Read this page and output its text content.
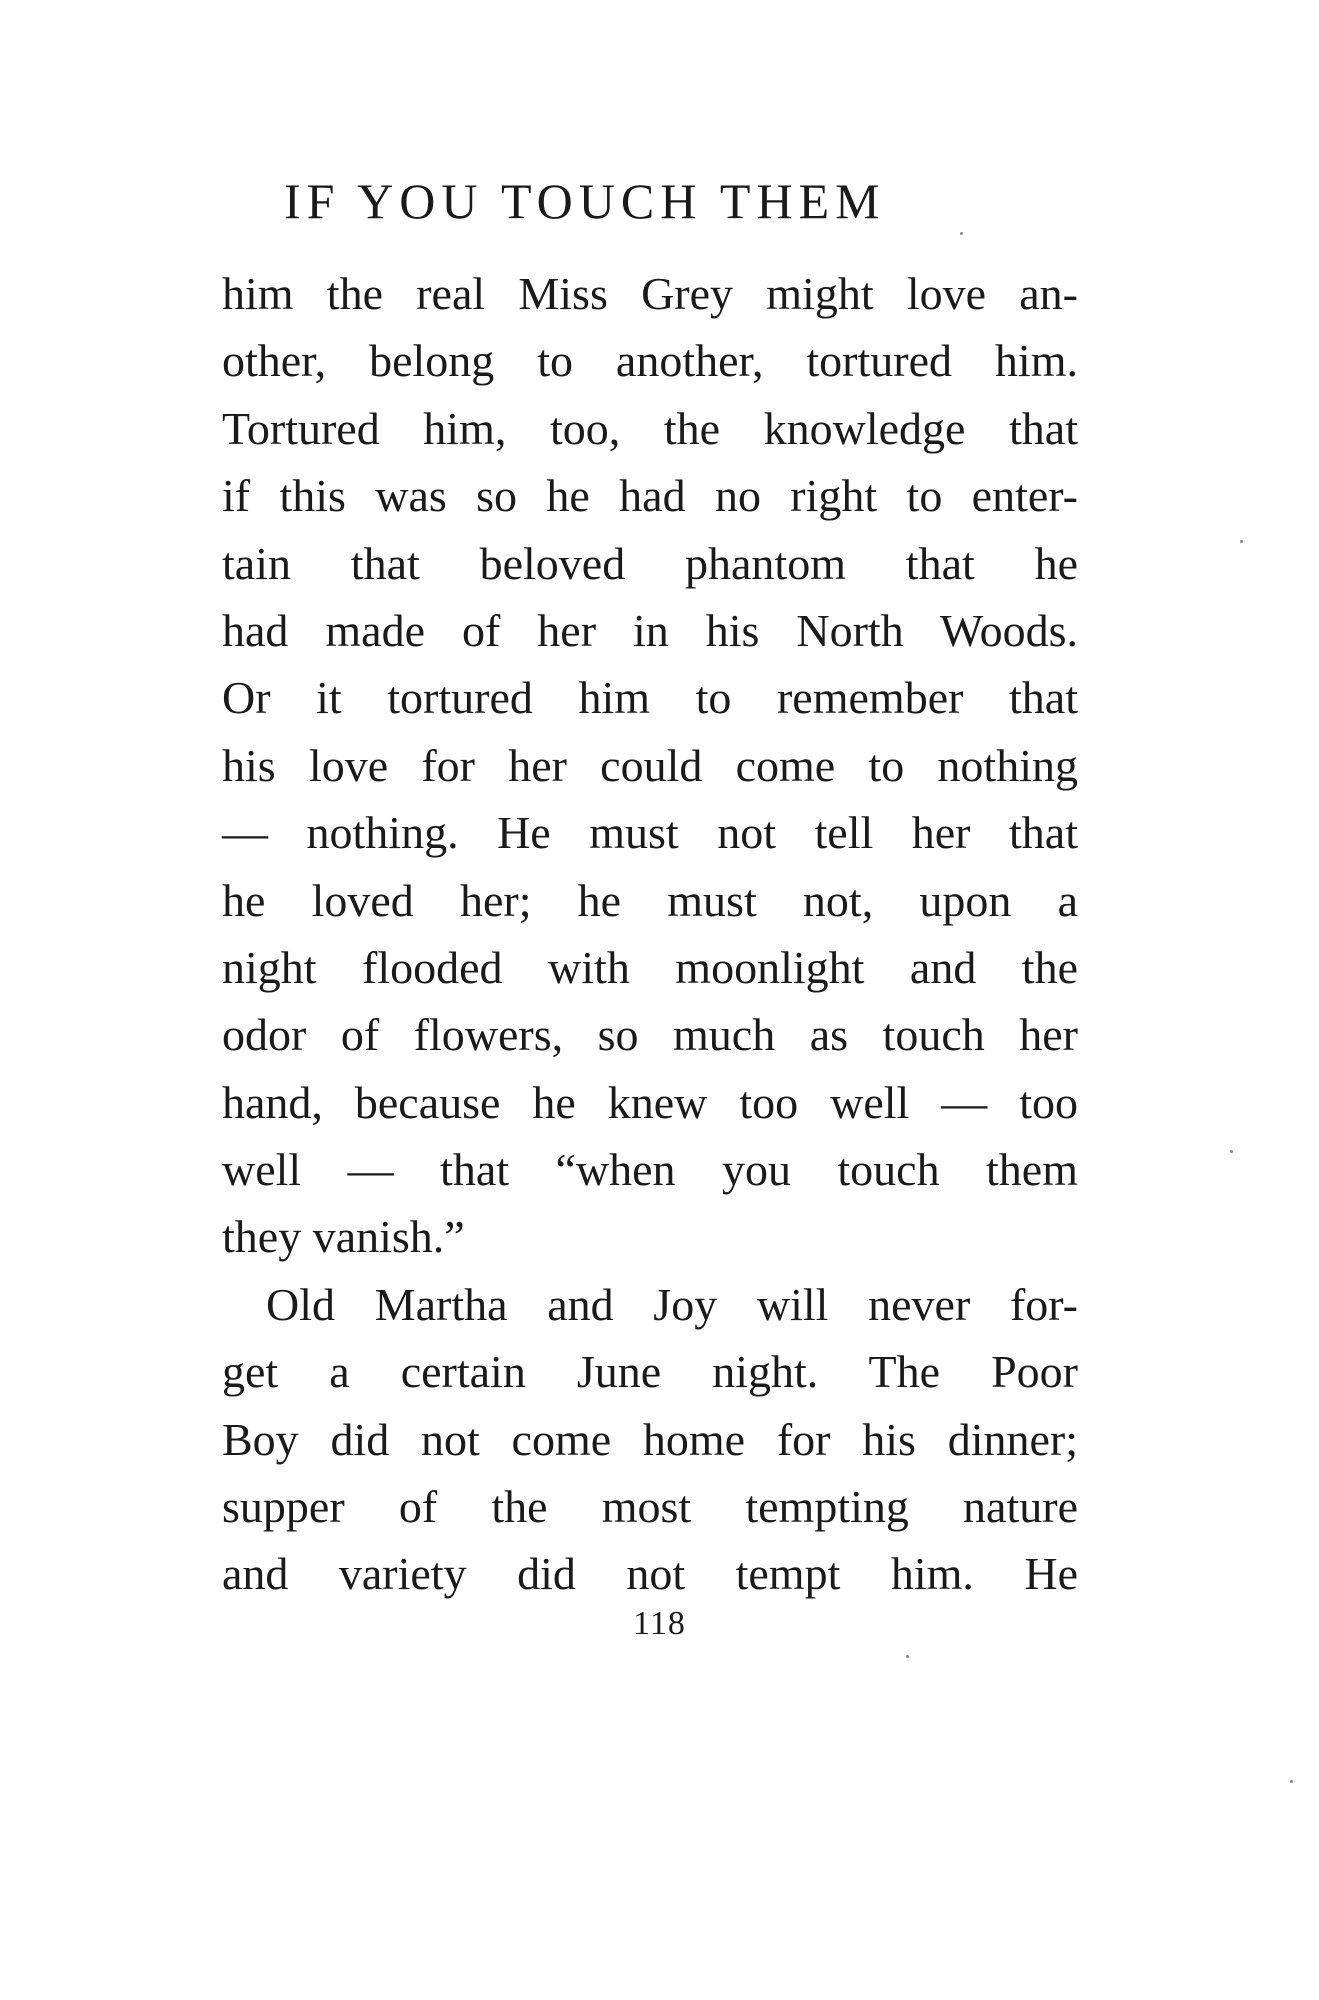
IF YOU TOUCH THEM
him the real Miss Grey might love an-
other, belong to another, tortured him.
Tortured him, too, the knowledge that
if this was so he had no right to enter-
tain that beloved phantom that he
had made of her in his North Woods.
Or it tortured him to remember that
his love for her could come to nothing
— nothing. He must not tell her that
he loved her; he must not, upon a
night flooded with moonlight and the
odor of flowers, so much as touch her
hand, because he knew too well — too
well — that “when you touch them
they vanish.”
Old Martha and Joy will never for-
get a certain June night. The Poor
Boy did not come home for his dinner;
supper of the most tempting nature
and variety did not tempt him. He
118
